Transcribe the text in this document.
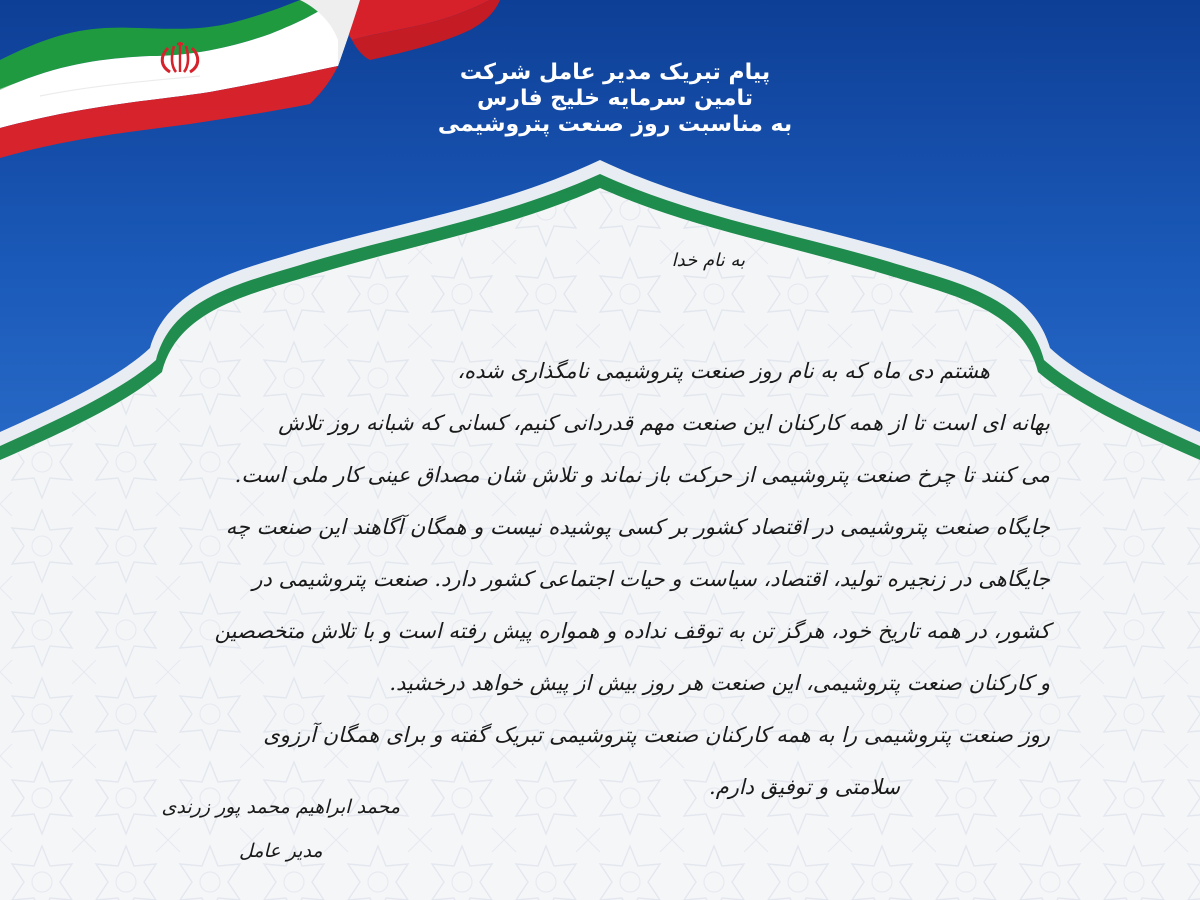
پیام تبریک مدیر عامل شرکت
تامین سرمایه خلیج فارس
به مناسبت روز صنعت پتروشیمی
به نام خدا
هشتم دی ماه که به نام روز صنعت پتروشیمی نامگذاری شده،
بهانه ای است تا از همه کارکنان این صنعت مهم قدردانی کنیم، کسانی که شبانه روز تلاش
می کنند تا چرخ صنعت پتروشیمی از حرکت باز نماند و تلاش شان مصداق عینی کار ملی است.
جایگاه صنعت پتروشیمی در اقتصاد کشور بر کسی پوشیده نیست و همگان آگاهند این صنعت چه
جایگاهی در زنجیره تولید، اقتصاد، سیاست و حیات اجتماعی کشور دارد. صنعت پتروشیمی در
کشور، در همه تاریخ خود، هرگز تن به توقف نداده و همواره پیش رفته است و با تلاش متخصصین
و کارکنان صنعت پتروشیمی، این صنعت هر روز بیش از پیش خواهد درخشید.
روز صنعت پتروشیمی را به همه کارکنان صنعت پتروشیمی تبریک گفته و برای همگان آرزوی
سلامتی و توفیق دارم.
محمد ابراهیم محمد پور زرندی
مدیر عامل
